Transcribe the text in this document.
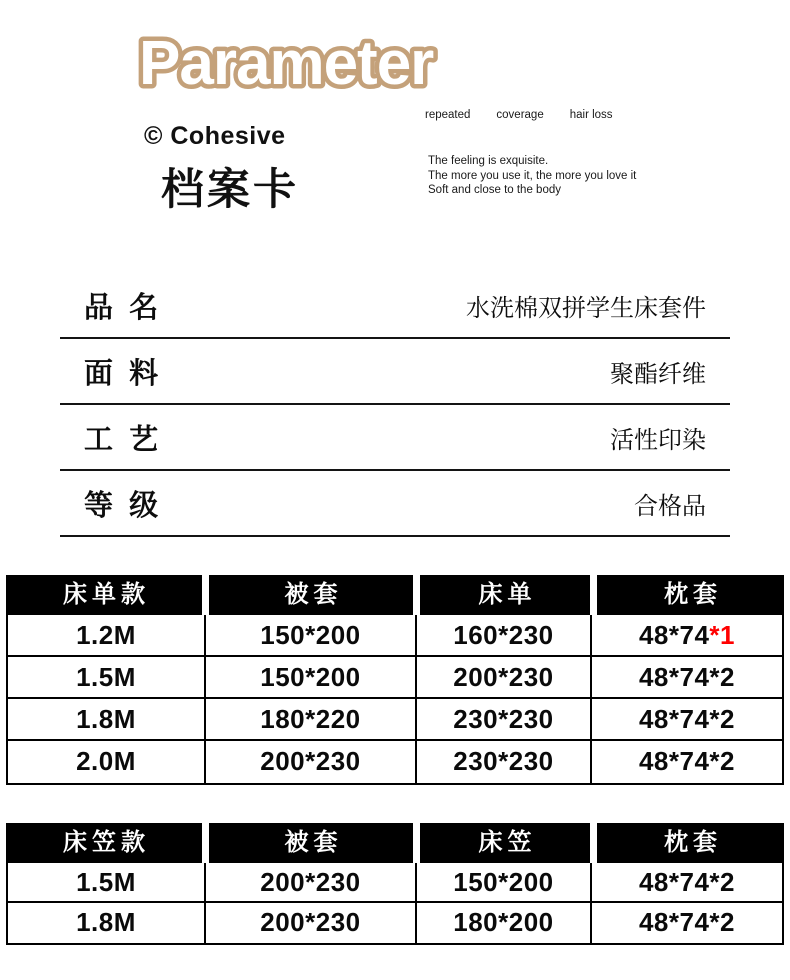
Parameter
© Cohesive
档案卡
repeated coverage hair loss
The feeling is exquisite.
The more you use it, the more you love it
Soft and close to the body
品  名	水洗棉双拼学生床套件
面  料	聚酯纤维
工  艺	活性印染
等  级	合格品
床单款	被套	床单	枕套
1.2M	150*200	160*230	48*74*1
1.5M	150*200	200*230	48*74*2
1.8M	180*220	230*230	48*74*2
2.0M	200*230	230*230	48*74*2
床笠款	被套	床笠	枕套
1.5M	200*230	150*200	48*74*2
1.8M	200*230	180*200	48*74*2
